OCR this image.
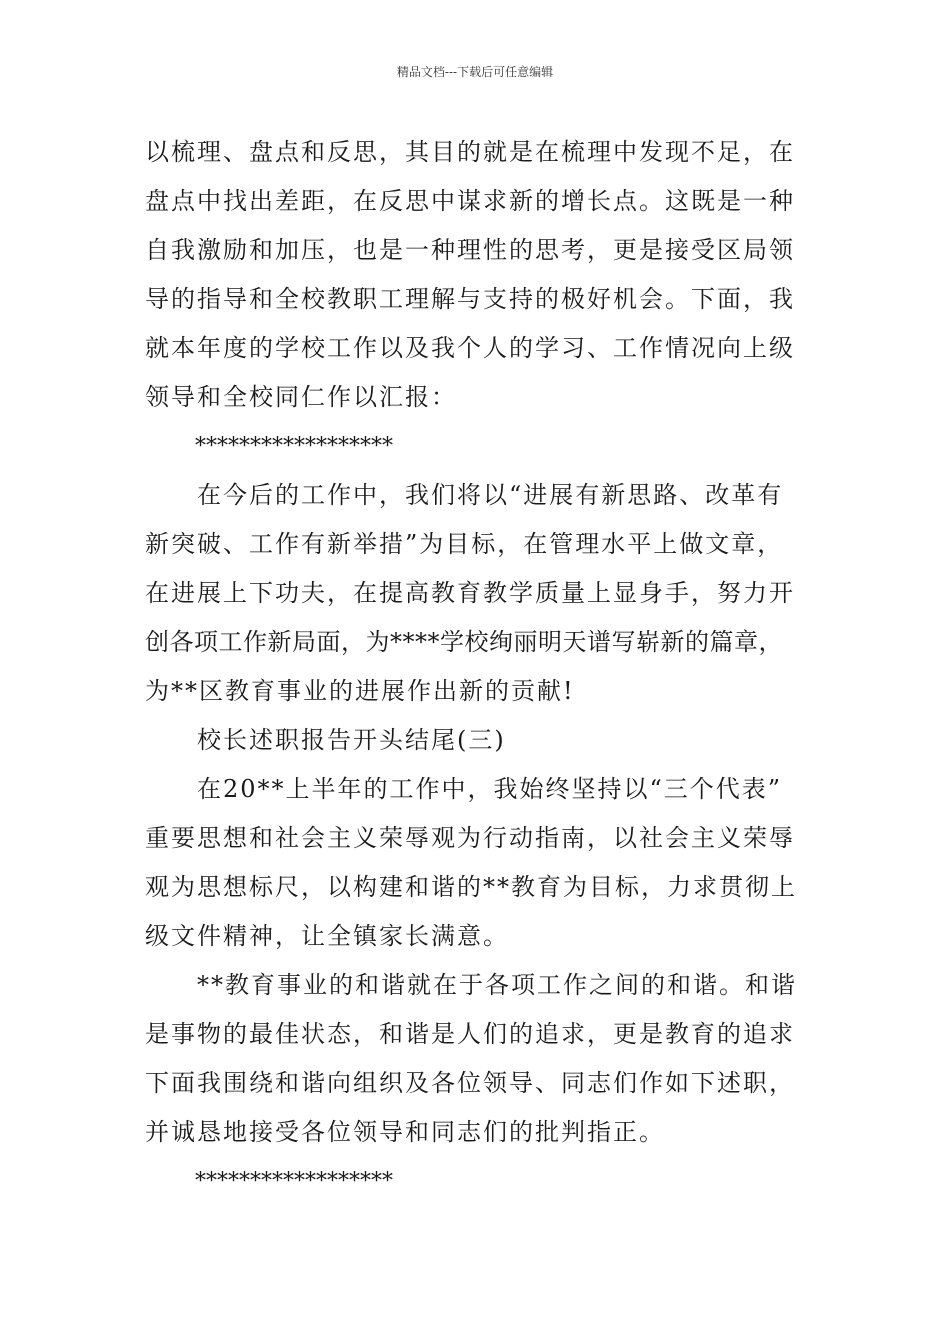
精品文档---下载后可任意编辑
以梳理、盘点和反思，其目的就是在梳理中发现不足，在
盘点中找出差距，在反思中谋求新的增长点。这既是一种
自我激励和加压，也是一种理性的思考，更是接受区局领
导的指导和全校教职工理解与支持的极好机会。下面，我
就本年度的学校工作以及我个人的学习、工作情况向上级
领导和全校同仁作以汇报：
******************
在今后的工作中，我们将以“进展有新思路、改革有
新突破、工作有新举措”为目标，在管理水平上做文章，
在进展上下功夫，在提高教育教学质量上显身手，努力开
创各项工作新局面，为****学校绚丽明天谱写崭新的篇章，
为**区教育事业的进展作出新的贡献!
校长述职报告开头结尾(三)
在20**上半年的工作中，我始终坚持以“三个代表”
重要思想和社会主义荣辱观为行动指南，以社会主义荣辱
观为思想标尺，以构建和谐的**教育为目标，力求贯彻上
级文件精神，让全镇家长满意。
**教育事业的和谐就在于各项工作之间的和谐。和谐
是事物的最佳状态，和谐是人们的追求，更是教育的追求
下面我围绕和谐向组织及各位领导、同志们作如下述职，
并诚恳地接受各位领导和同志们的批判指正。
******************
